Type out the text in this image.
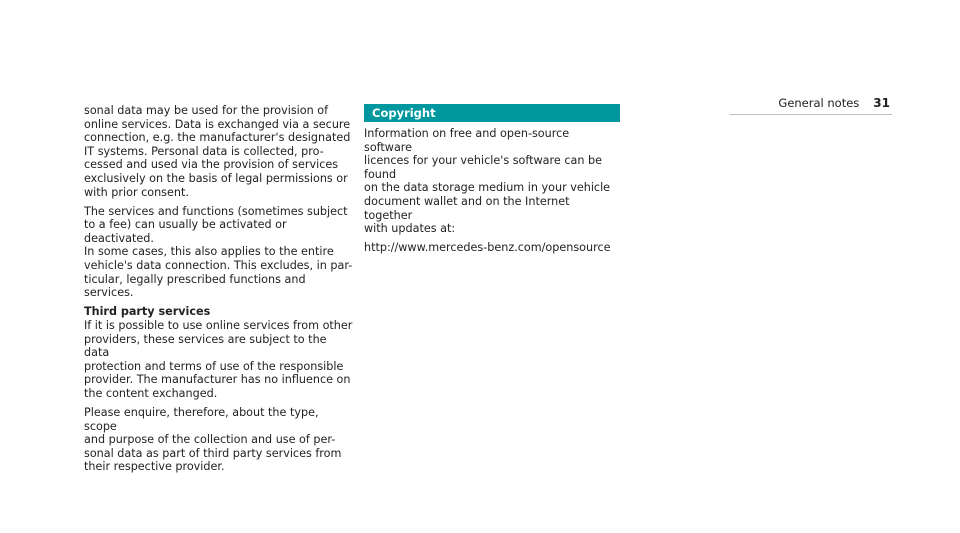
General notes 31

sonal data may be used for the provision of
online services. Data is exchanged via a secure
connection, e.g. the manufacturer's designated
IT systems. Personal data is collected, pro-
cessed and used via the provision of services
exclusively on the basis of legal permissions or
with prior consent.

The services and functions (sometimes subject
to a fee) can usually be activated or deactivated.
In some cases, this also applies to the entire
vehicle's data connection. This excludes, in par-
ticular, legally prescribed functions and services.

Third party services

If it is possible to use online services from other
providers, these services are subject to the data
protection and terms of use of the responsible
provider. The manufacturer has no influence on
the content exchanged.

Please enquire, therefore, about the type, scope
and purpose of the collection and use of per-
sonal data as part of third party services from
their respective provider.

Copyright

Information on free and open-source software
licences for your vehicle's software can be found
on the data storage medium in your vehicle
document wallet and on the Internet together
with updates at:

http://www.mercedes-benz.com/opensource
